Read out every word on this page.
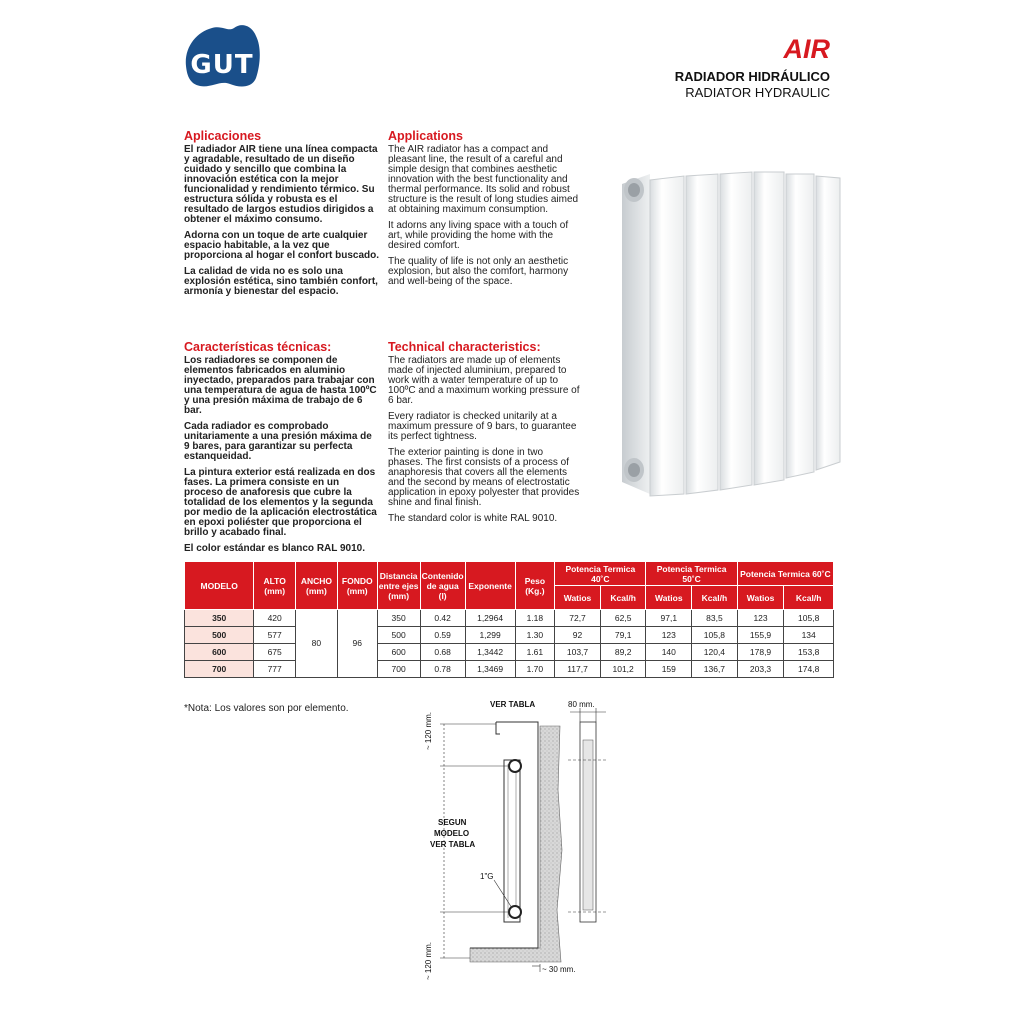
GUT
AIR
RADIADOR HIDRÁULICO
RADIATOR HYDRAULIC
Aplicaciones
El radiador AIR tiene una línea compacta y agradable, resultado de un diseño cuidado y sencillo que combina la innovación estética con la mejor funcionalidad y rendimiento térmico. Su estructura sólida y robusta es el resultado de largos estudios dirigidos a obtener el máximo consumo.
Adorna con un toque de arte cualquier espacio habitable, a la vez que proporciona al hogar el confort buscado.
La calidad de vida no es solo una explosión estética, sino también confort, armonía y bienestar del espacio.
Características técnicas:
Los radiadores se componen de elementos fabricados en aluminio inyectado, preparados para trabajar con una temperatura de agua de hasta 100ºC y una presión máxima de trabajo de 6 bar.
Cada radiador es comprobado unitariamente a una presión máxima de 9 bares, para garantizar su perfecta estanqueidad.
La pintura exterior está realizada en dos fases. La primera consiste en un proceso de anaforesis que cubre la totalidad de los elementos y la segunda por medio de la aplicación electrostática en epoxi poliéster que proporciona el brillo y acabado final.
El color estándar es blanco RAL 9010.
Applications
The AIR radiator has a compact and pleasant line, the result of a careful and simple design that combines aesthetic innovation with the best functionality and thermal performance. Its solid and robust structure is the result of long studies aimed at obtaining maximum consumption.
It adorns any living space with a touch of art, while providing the home with the desired comfort.
The quality of life is not only an aesthetic explosion, but also the comfort, harmony and well-being of the space.
Technical characteristics:
The radiators are made up of elements made of injected aluminium, prepared to work with a water temperature of up to 100ºC and a maximum working pressure of 6 bar.
Every radiator is checked unitarily at a maximum pressure of 9 bars, to guarantee its perfect tightness.
The exterior painting is done in two phases. The first consists of a process of anaphoresis that covers all the elements and the second by means of electrostatic application in epoxy polyester that provides shine and final finish.
The standard color is white RAL 9010.
MODELO	ALTO (mm)	ANCHO (mm)	FONDO (mm)	Distancia entre ejes (mm)	Contenido de agua (l)	Exponente	Peso (Kg.)	Potencia Termica 40˚C		Potencia Termica 50˚C		Potencia Termica 60˚C	
								Watios	Kcal/h	Watios	Kcal/h	Watios	Kcal/h
350	420	80	96	350	0.42	1,2964	1.18	72,7	62,5	97,1	83,5	123	105,8
500	577			500	0.59	1,299	1.30	92	79,1	123	105,8	155,9	134
600	675			600	0.68	1,3442	1.61	103,7	89,2	140	120,4	178,9	153,8
700	777			700	0.78	1,3469	1.70	117,7	101,2	159	136,7	203,3	174,8
*Nota: Los valores son por elemento.	VER TABLA	80 mm.
~ 120 mm.
~ 120 mm.
SEGUN
MODELO
VER TABLA
1"G
~ 30 mm.
